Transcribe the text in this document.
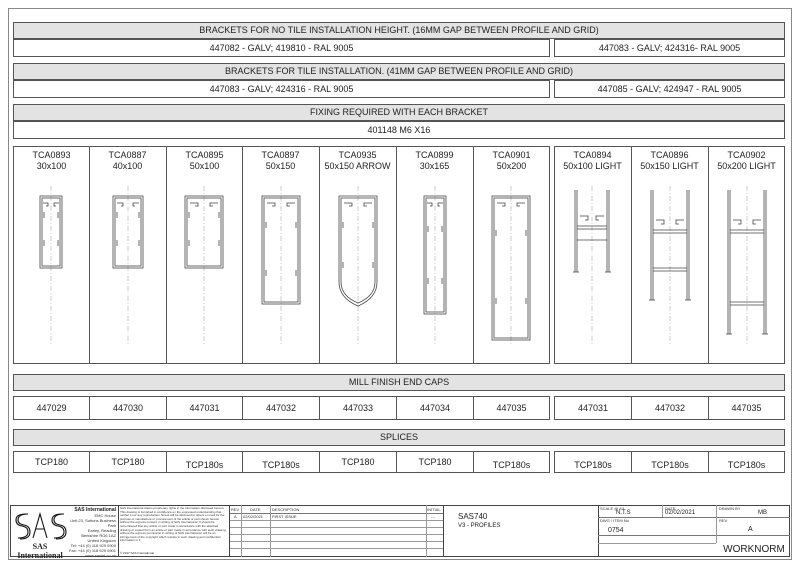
BRACKETS FOR NO TILE INSTALLATION HEIGHT. (16MM GAP BETWEEN PROFILE AND GRID)
447082 - GALV; 419810 - RAL 9005	447083 - GALV; 424316- RAL 9005
BRACKETS FOR TILE INSTALLATION. (41MM GAP BETWEEN PROFILE AND GRID)
447083 - GALV; 424316 - RAL 9005	447085 - GALV; 424947 - RAL 9005
FIXING REQUIRED WITH EACH BRACKET
401148 M6 X16
TCA0893
30x100
TCA0887
40x100
TCA0895
50x100
TCA0897
50x150
TCA0935
50x150 ARROW
TCA0899
30x165
TCA0901
50x200
TCA0894
50x100 LIGHT
TCA0896
50x150 LIGHT
TCA0902
50x200 LIGHT
MILL FINISH END CAPS
447029	447030	447031	447032	447033	447034	447035	447031	447032	447035
SPLICES
TCP180	TCP180	TCP180s	TCP180s	TCP180	TCP180	TCP180s	TCP180s	TCP180s	TCP180s
SAS International
SAS International
EMC House
Unit 23, Suttons Business Park
Earley, Reading
Berkshire RG6 1AZ
United Kingdom
Tel: +44 (0) 118 929 0900
Fax: +44 (0) 118 929 0901
www.sasint.co.uk
SAS International claims proprietary rights in the information disclosed hereon. This drawing is furnished in confidence on the expressed understanding that neither it nor any reproduction hereof will be disclosed to others or used for the purpose of manufacture or procurement of the article or part shown hereon without the express consent in writing of SAS International. It should be remembered that any article or part made in accordance with the attached drawing or copied from an article or part made in accordance with such drawing, without the express permission in writing of SAS International, will be an infringement of the copyright which resides in such drawing and confidential information in it.
© 2017 SAS International
REV	DATE	DESCRIPTION	INITIAL
A 02/02/2021 FIRST ISSUE	---	SAS740
V3 - PROFILES
SCALE @ A3
N.T.S
DATE
02/02/2021
DRAWN BY
MB
DWG / ITEM No
0754
REV
A
WORKNORM
